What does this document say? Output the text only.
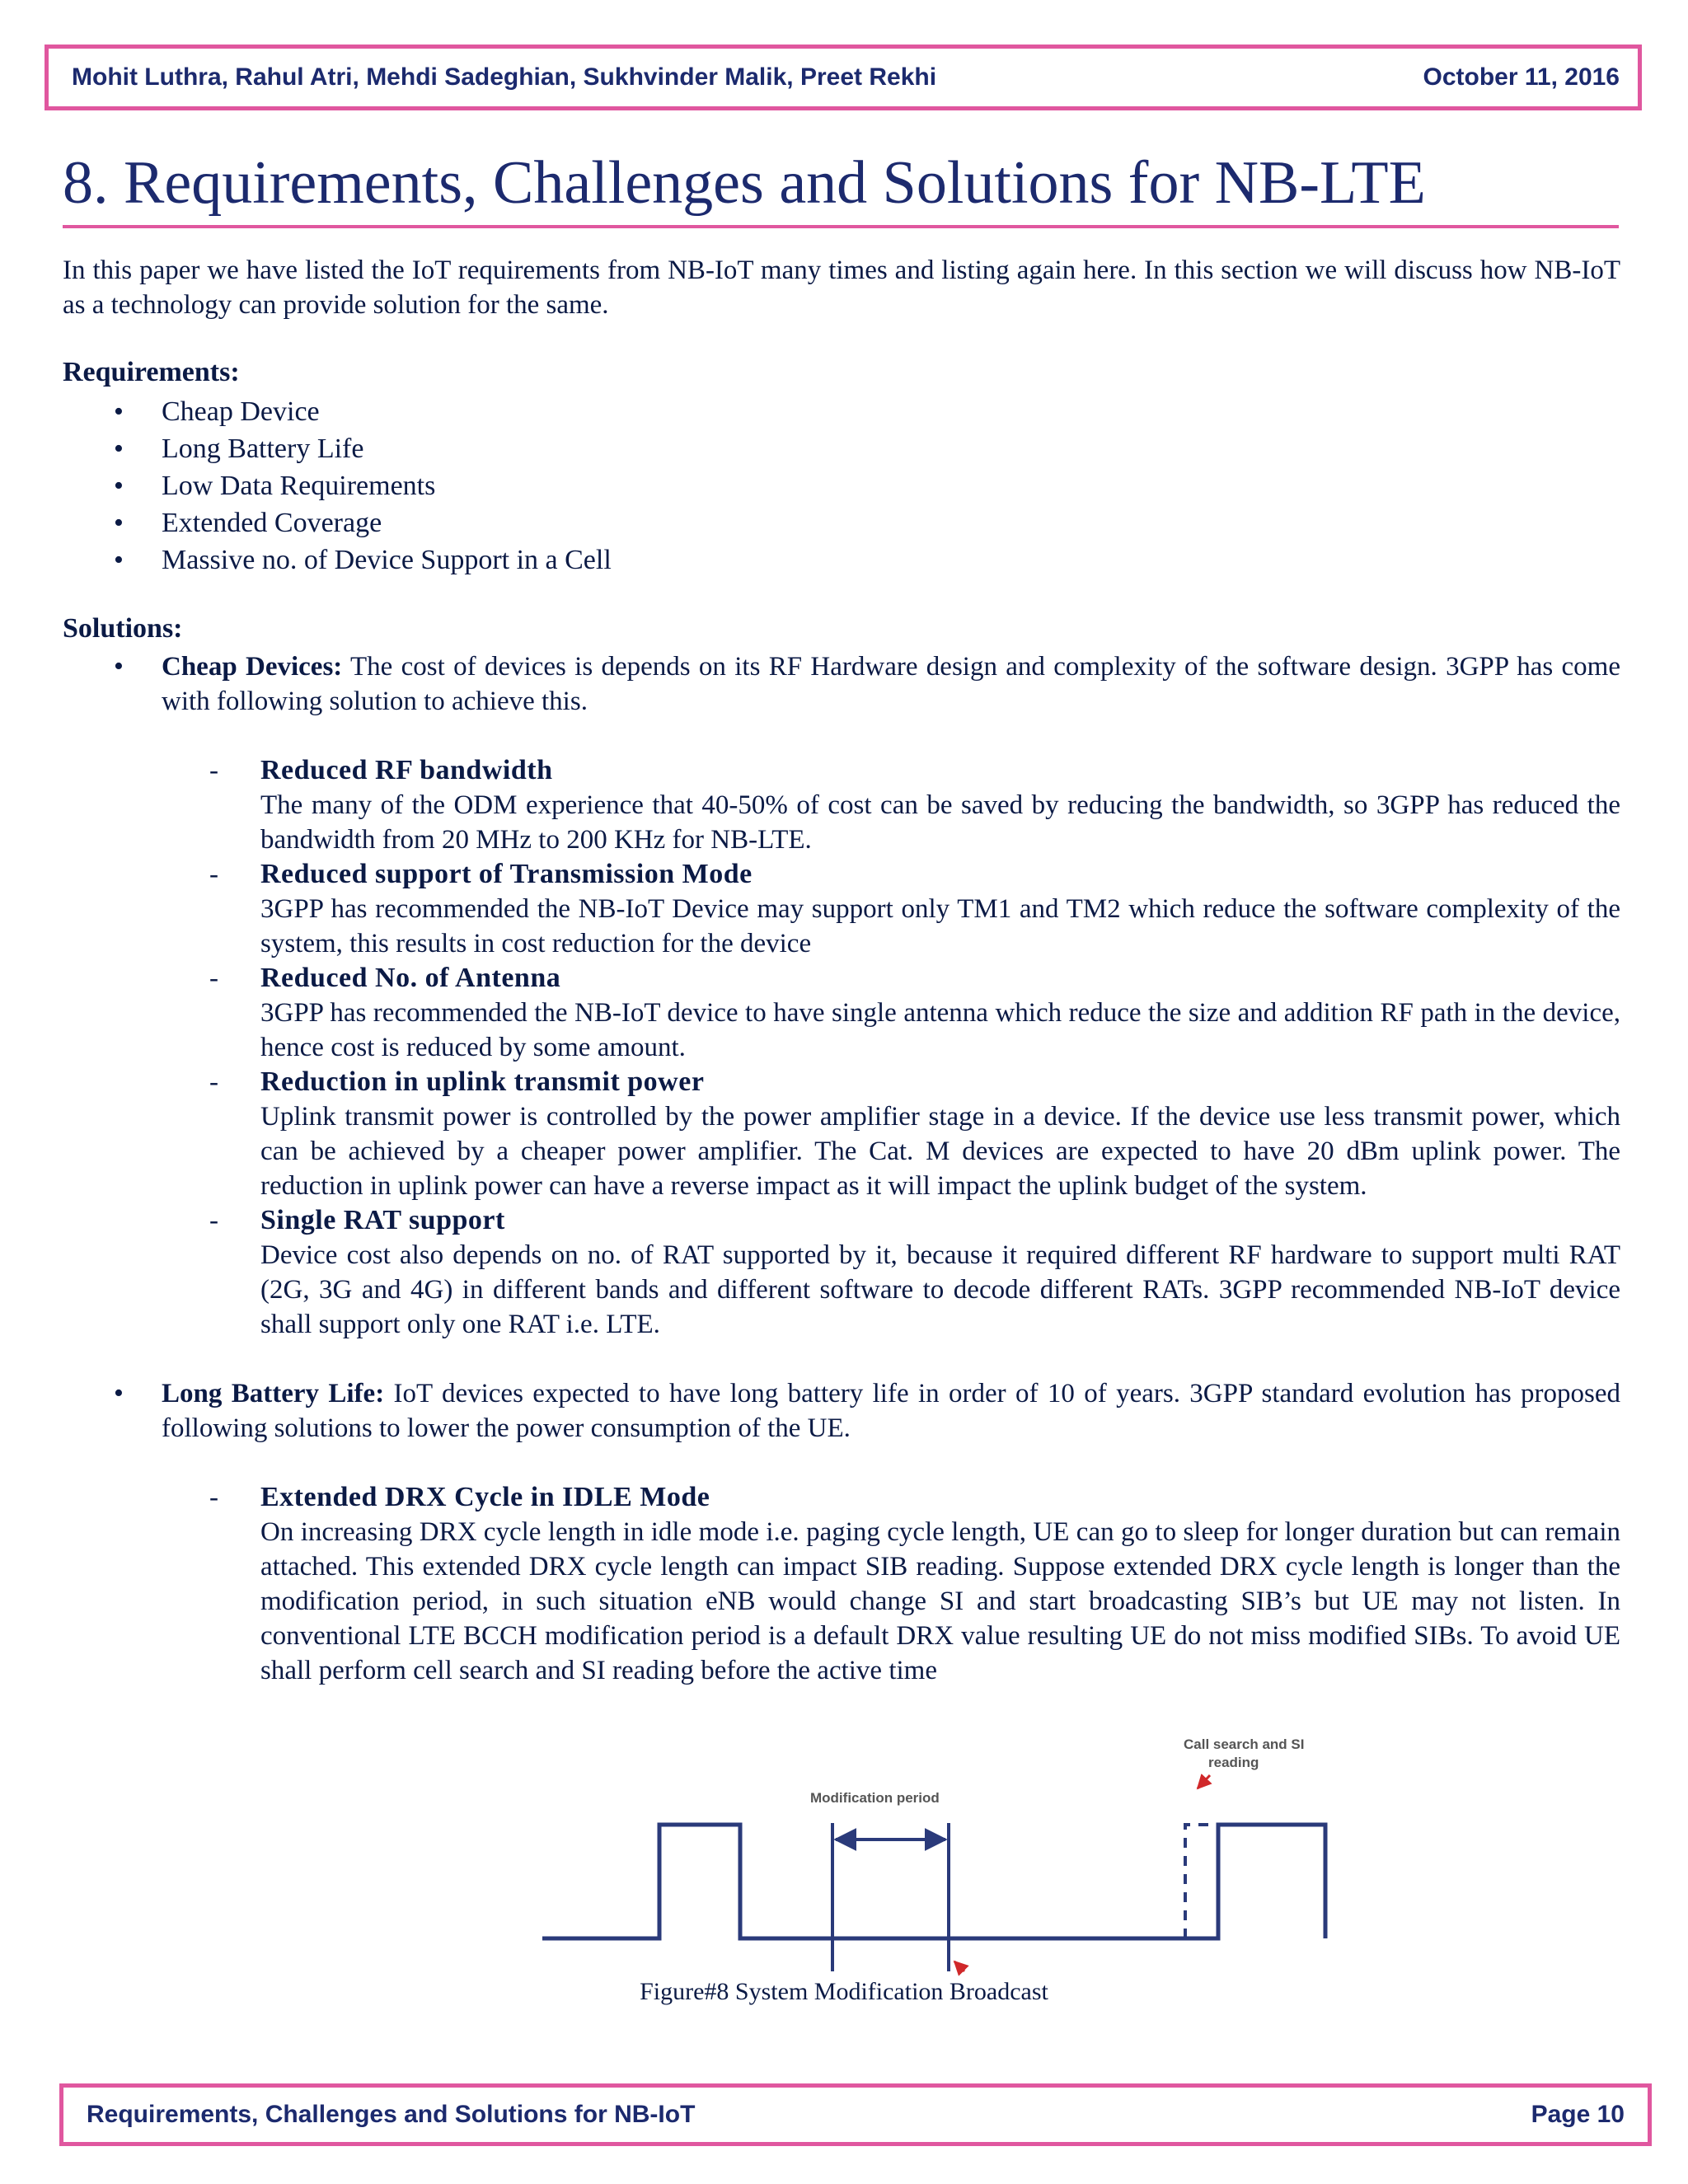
Mohit Luthra, Rahul Atri, Mehdi Sadeghian, Sukhvinder Malik, Preet Rekhi	October 11, 2016
8. Requirements, Challenges and Solutions for NB-LTE

In this paper we have listed the IoT requirements from NB-IoT many times and listing again here. In this section we will discuss how NB-IoT as a technology can provide solution for the same.

Requirements:
• Cheap Device
• Long Battery Life
• Low Data Requirements
• Extended Coverage
• Massive no. of Device Support in a Cell
Solutions:

• Cheap Devices: The cost of devices is depends on its RF Hardware design and complexity of the software design. 3GPP has come with following solution to achieve this.

- Reduced RF bandwidth

The many of the ODM experience that 40-50% of cost can be saved by reducing the bandwidth, so 3GPP has reduced the bandwidth from 20 MHz to 200 KHz for NB-LTE.

- Reduced support of Transmission Mode

3GPP has recommended the NB-IoT Device may support only TM1 and TM2 which reduce the software complexity of the system, this results in cost reduction for the device

- Reduced No. of Antenna

3GPP has recommended the NB-IoT device to have single antenna which reduce the size and addition RF path in the device, hence cost is reduced by some amount.

- Reduction in uplink transmit power

Uplink transmit power is controlled by the power amplifier stage in a device. If the device use less transmit power, which can be achieved by a cheaper power amplifier. The Cat. M devices are expected to have 20 dBm uplink power. The reduction in uplink power can have a reverse impact as it will impact the uplink budget of the system.

- Single RAT support

Device cost also depends on no. of RAT supported by it, because it required different RF hardware to support multi RAT (2G, 3G and 4G) in different bands and different software to decode different RATs. 3GPP recommended NB-IoT device shall support only one RAT i.e. LTE.

• Long Battery Life: IoT devices expected to have long battery life in order of 10 of years. 3GPP standard evolution has proposed following solutions to lower the power consumption of the UE.

- Extended DRX Cycle in IDLE Mode

On increasing DRX cycle length in idle mode i.e. paging cycle length, UE can go to sleep for longer duration but can remain attached. This extended DRX cycle length can impact SIB reading. Suppose extended DRX cycle length is longer than the modification period, in such situation eNB would change SI and start broadcasting SIB’s but UE may not listen. In conventional LTE BCCH modification period is a default DRX value resulting UE do not miss modified SIBs. To avoid UE shall perform cell search and SI reading before the active time

Modification period
Call search and SI
reading
Figure#8 System Modification Broadcast
Requirements, Challenges and Solutions for NB-IoT	Page 10
